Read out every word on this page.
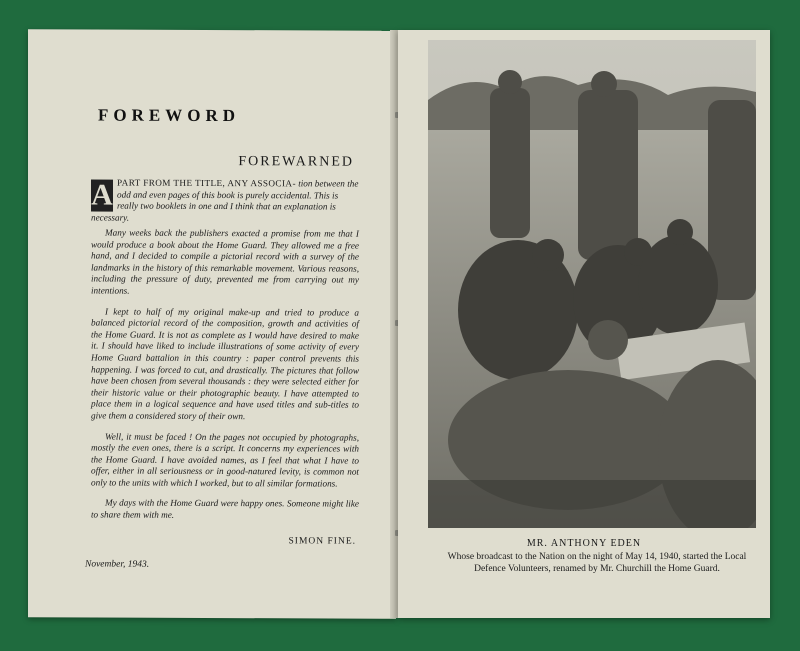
FOREWORD
FOREWARNED
A PART FROM THE TITLE, ANY ASSOCIA- tion between the odd and even pages of this book is purely accidental. This is really two booklets in one and I think that an explanation is necessary.

Many weeks back the publishers exacted a promise from me that I would produce a book about the Home Guard. They allowed me a free hand, and I decided to compile a pictorial record with a survey of the landmarks in the history of this remarkable movement. Various reasons, including the pressure of duty, prevented me from carrying out my intentions.

I kept to half of my original make-up and tried to produce a balanced pictorial record of the composition, growth and activities of the Home Guard. It is not as complete as I would have desired to make it. I should have liked to include illustrations of some activity of every Home Guard battalion in this country : paper control prevents this happening. I was forced to cut, and drastically. The pictures that follow have been chosen from several thousands : they were selected either for their historic value or their photographic beauty. I have attempted to place them in a logical sequence and have used titles and sub-titles to give them a considered story of their own.

Well, it must be faced ! On the pages not occupied by photographs, mostly the even ones, there is a script. It concerns my experiences with the Home Guard. I have avoided names, as I feel that what I have to offer, either in all seriousness or in good-natured levity, is common not only to the units with which I worked, but to all similar formations.

My days with the Home Guard were happy ones. Someone might like to share them with me.

SIMON FINE.
November, 1943.
MR. ANTHONY EDEN
Whose broadcast to the Nation on the night of May 14, 1940, started the Local Defence Volunteers, renamed by Mr. Churchill the Home Guard.
